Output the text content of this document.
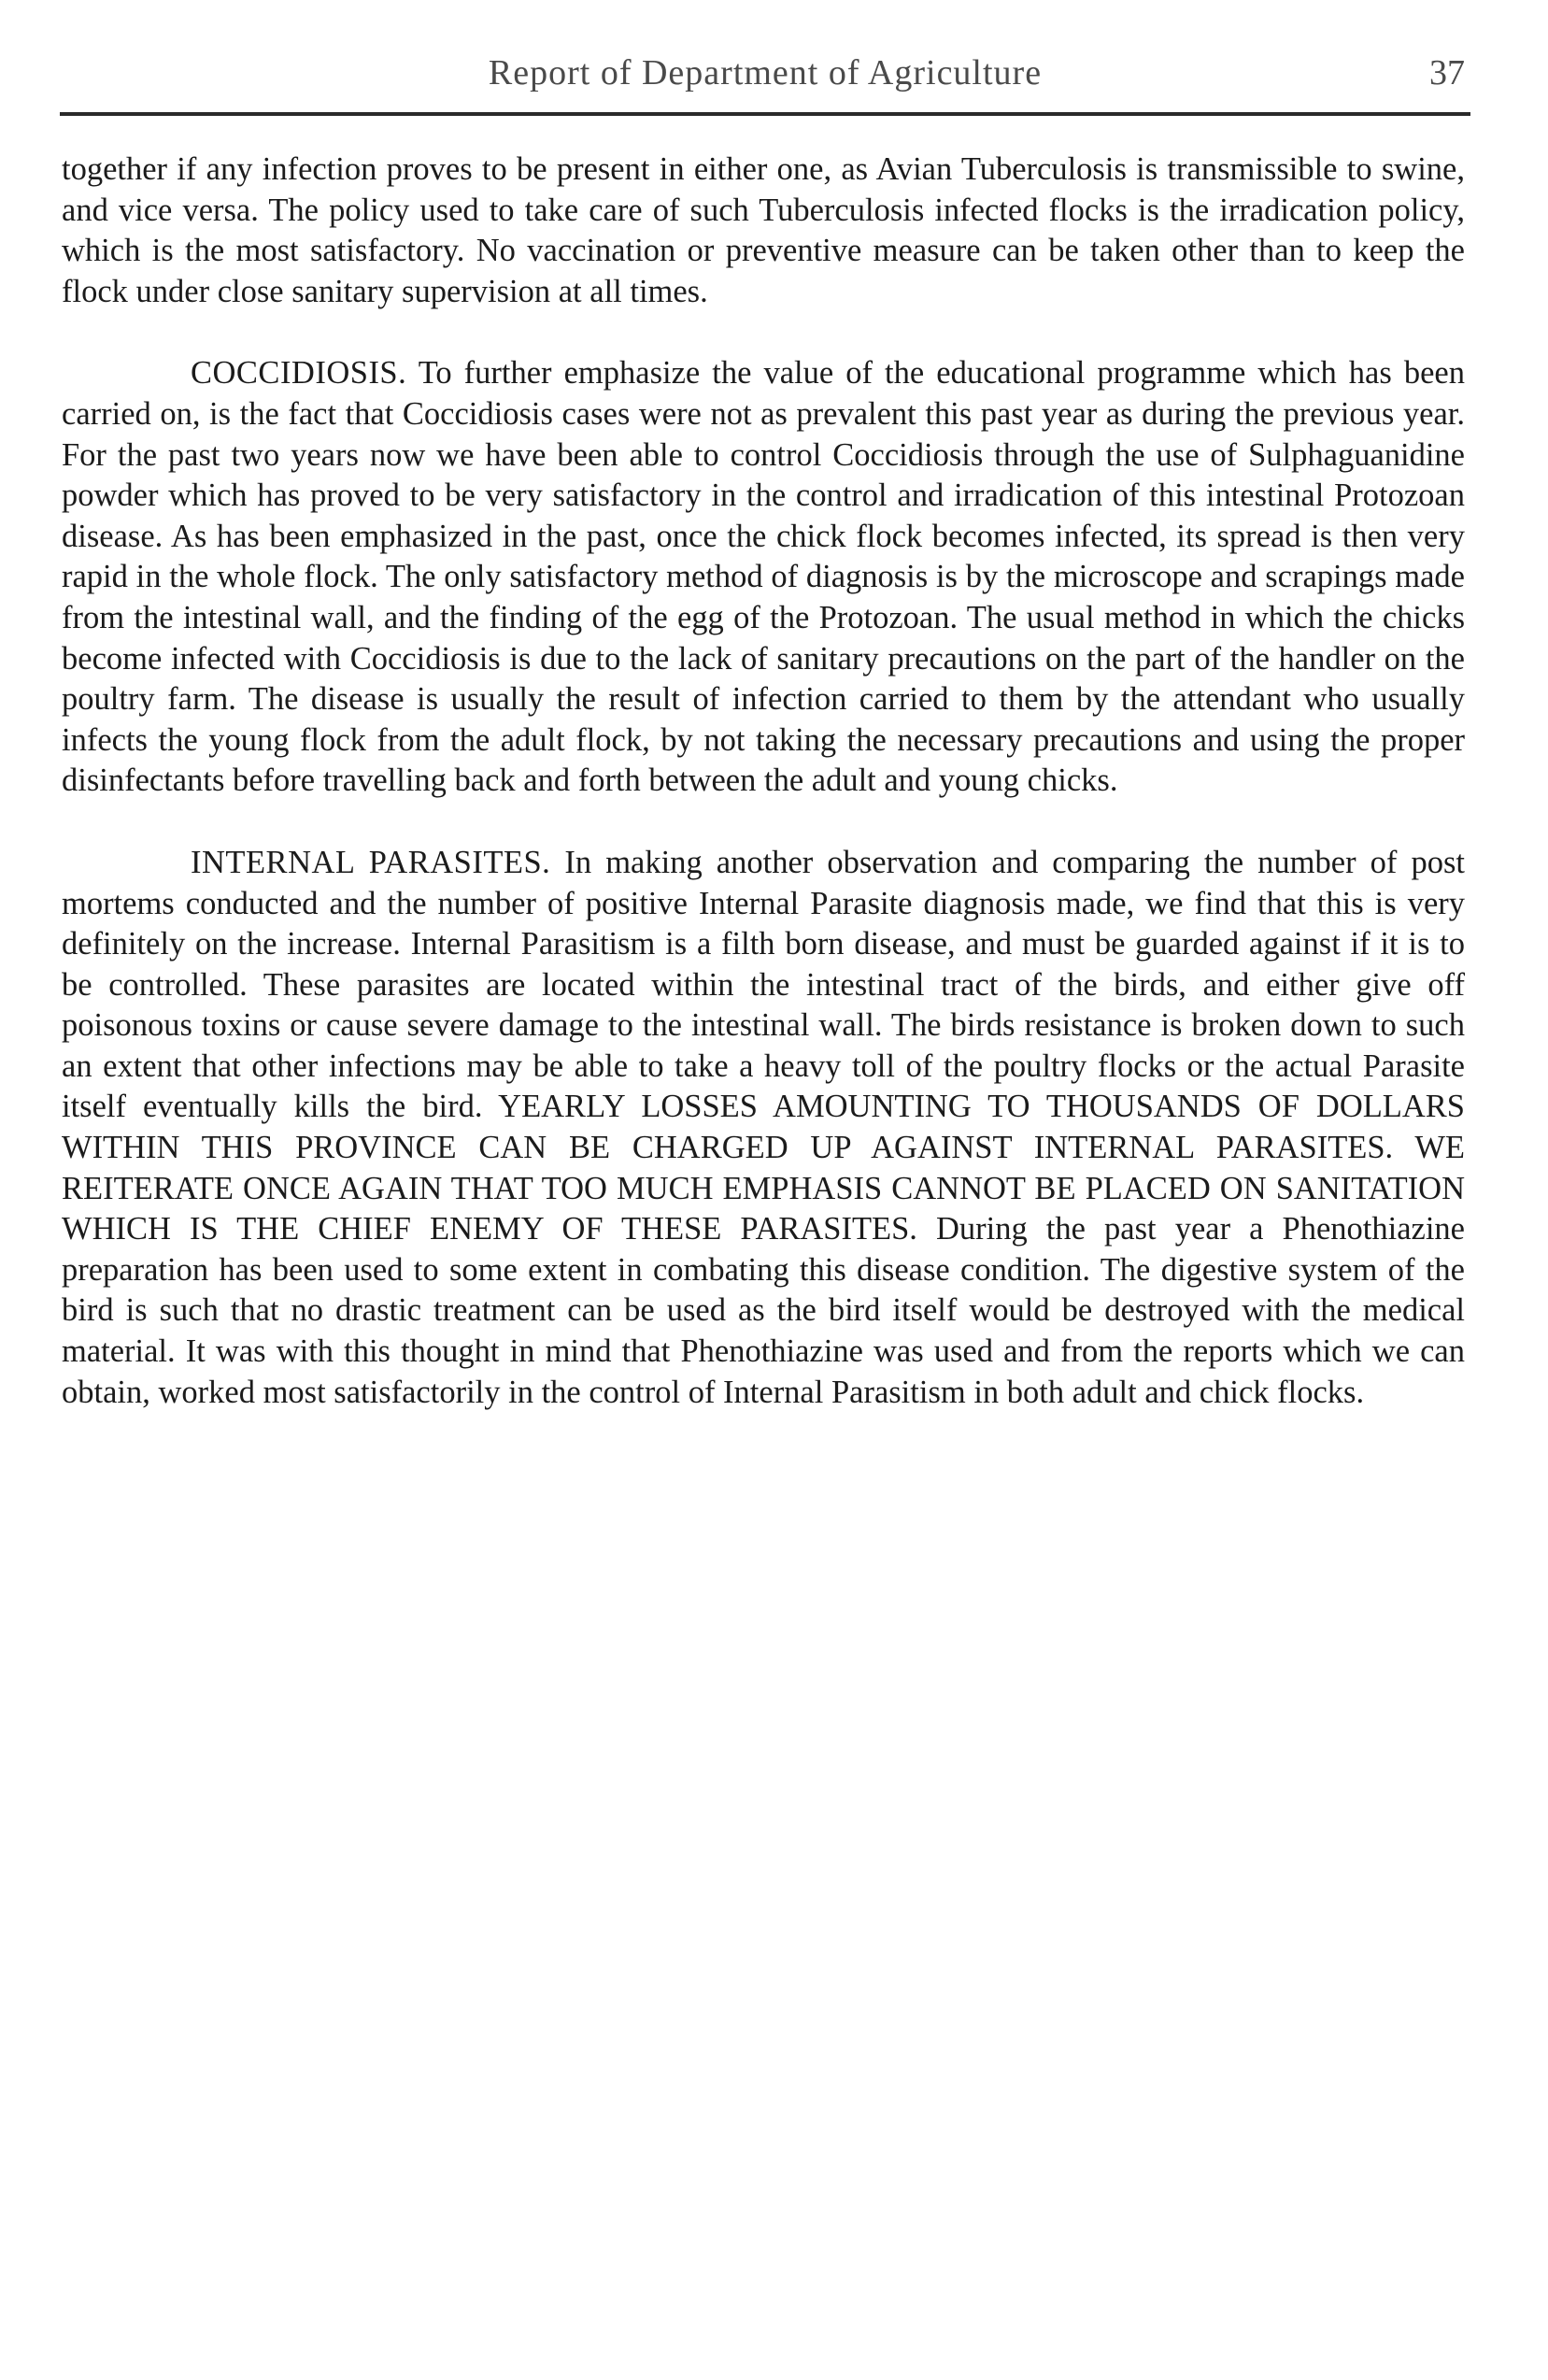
Report of Department of Agriculture	37

together if any infection proves to be present in either one, as Avian Tuberculosis is transmissible to swine, and vice versa. The policy used to take care of such Tuberculosis infected flocks is the irradication policy, which is the most satisfactory. No vaccination or preventive measure can be taken other than to keep the flock under close sanitary supervision at all times.

COCCIDIOSIS. To further emphasize the value of the educational programme which has been carried on, is the fact that Coccidiosis cases were not as prevalent this past year as during the previous year. For the past two years now we have been able to control Coccidiosis through the use of Sulphaguanidine powder which has proved to be very satisfactory in the control and irradication of this intestinal Protozoan disease. As has been emphasized in the past, once the chick flock becomes infected, its spread is then very rapid in the whole flock. The only satisfactory method of diagnosis is by the microscope and scrapings made from the intestinal wall, and the finding of the egg of the Protozoan. The usual method in which the chicks become infected with Coccidiosis is due to the lack of sanitary precautions on the part of the handler on the poultry farm. The disease is usually the result of infection carried to them by the attendant who usually infects the young flock from the adult flock, by not taking the necessary precautions and using the proper disinfectants before travelling back and forth between the adult and young chicks.

INTERNAL PARASITES. In making another observation and comparing the number of post mortems conducted and the number of positive Internal Parasite diagnosis made, we find that this is very definitely on the increase. Internal Parasitism is a filth born disease, and must be guarded against if it is to be controlled. These parasites are located within the intestinal tract of the birds, and either give off poisonous toxins or cause severe damage to the intestinal wall. The birds resistance is broken down to such an extent that other infections may be able to take a heavy toll of the poultry flocks or the actual Parasite itself eventually kills the bird. YEARLY LOSSES AMOUNTING TO THOUSANDS OF DOLLARS WITHIN THIS PROVINCE CAN BE CHARGED UP AGAINST INTERNAL PARASITES. WE REITERATE ONCE AGAIN THAT TOO MUCH EMPHASIS CANNOT BE PLACED ON SANITATION WHICH IS THE CHIEF ENEMY OF THESE PARASITES. During the past year a Phenothiazine preparation has been used to some extent in combating this disease condition. The digestive system of the bird is such that no drastic treatment can be used as the bird itself would be destroyed with the medical material. It was with this thought in mind that Phenothiazine was used and from the reports which we can obtain, worked most satisfactorily in the control of Internal Parasitism in both adult and chick flocks.
